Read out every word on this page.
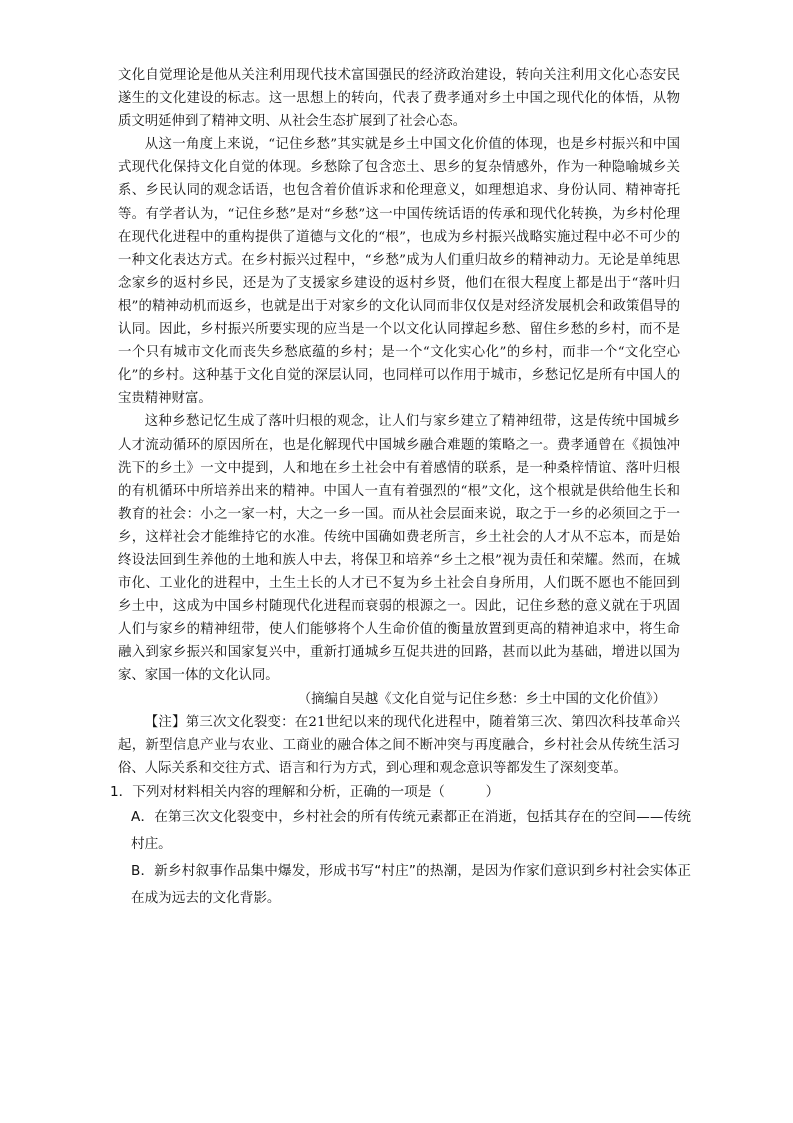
文化自觉理论是他从关注利用现代技术富国强民的经济政治建设，转向关注利用文化心态安民遂生的文化建设的标志。这一思想上的转向，代表了费孝通对乡土中国之现代化的体悟，从物质文明延伸到了精神文明、从社会生态扩展到了社会心态。

从这一角度上来说，“记住乡愁”其实就是乡土中国文化价值的体现，也是乡村振兴和中国式现代化保持文化自觉的体现。乡愁除了包含恋土、思乡的复杂情感外，作为一种隐喻城乡关系、乡民认同的观念话语，也包含着价值诉求和伦理意义，如理想追求、身份认同、精神寄托等。有学者认为，“记住乡愁”是对“乡愁”这一中国传统话语的传承和现代化转换，为乡村伦理在现代化进程中的重构提供了道德与文化的“根”，也成为乡村振兴战略实施过程中必不可少的一种文化表达方式。在乡村振兴过程中，“乡愁”成为人们重归故乡的精神动力。无论是单纯思念家乡的返村乡民，还是为了支援家乡建设的返村乡贤，他们在很大程度上都是出于“落叶归根”的精神动机而返乡，也就是出于对家乡的文化认同而非仅仅是对经济发展机会和政策倡导的认同。因此，乡村振兴所要实现的应当是一个以文化认同撑起乡愁、留住乡愁的乡村，而不是一个只有城市文化而丧失乡愁底蕴的乡村；是一个“文化实心化”的乡村，而非一个“文化空心化”的乡村。这种基于文化自觉的深层认同，也同样可以作用于城市，乡愁记忆是所有中国人的宝贵精神财富。

这种乡愁记忆生成了落叶归根的观念，让人们与家乡建立了精神纽带，这是传统中国城乡人才流动循环的原因所在，也是化解现代中国城乡融合难题的策略之一。费孝通曾在《损蚀冲洗下的乡土》一文中提到，人和地在乡土社会中有着感情的联系，是一种桑梓情谊、落叶归根的有机循环中所培养出来的精神。中国人一直有着强烈的“根”文化，这个根就是供给他生长和教育的社会：小之一家一村，大之一乡一国。而从社会层面来说，取之于一乡的必须回之于一乡，这样社会才能维持它的水准。传统中国确如费老所言，乡土社会的人才从不忘本，而是始终设法回到生养他的土地和族人中去，将保卫和培养“乡土之根”视为责任和荣耀。然而，在城市化、工业化的进程中，土生土长的人才已不复为乡土社会自身所用，人们既不愿也不能回到乡土中，这成为中国乡村随现代化进程而衰弱的根源之一。因此，记住乡愁的意义就在于巩固人们与家乡的精神纽带，使人们能够将个人生命价值的衡量放置到更高的精神追求中，将生命融入到家乡振兴和国家复兴中，重新打通城乡互促共进的回路，甚而以此为基础，增进以国为家、家国一体的文化认同。

（摘编自吴越《文化自觉与记住乡愁：乡土中国的文化价值》）

【注】第三次文化裂变：在21世纪以来的现代化进程中，随着第三次、第四次科技革命兴起，新型信息产业与农业、工商业的融合体之间不断冲突与再度融合，乡村社会从传统生活习俗、人际关系和交往方式、语言和行为方式，到心理和观念意识等都发生了深刻变革。

1．下列对材料相关内容的理解和分析，正确的一项是（　　　）

A．在第三次文化裂变中，乡村社会的所有传统元素都正在消逝，包括其存在的空间——传统村庄。

B．新乡村叙事作品集中爆发，形成书写“村庄”的热潮，是因为作家们意识到乡村社会实体正在成为远去的文化背影。
